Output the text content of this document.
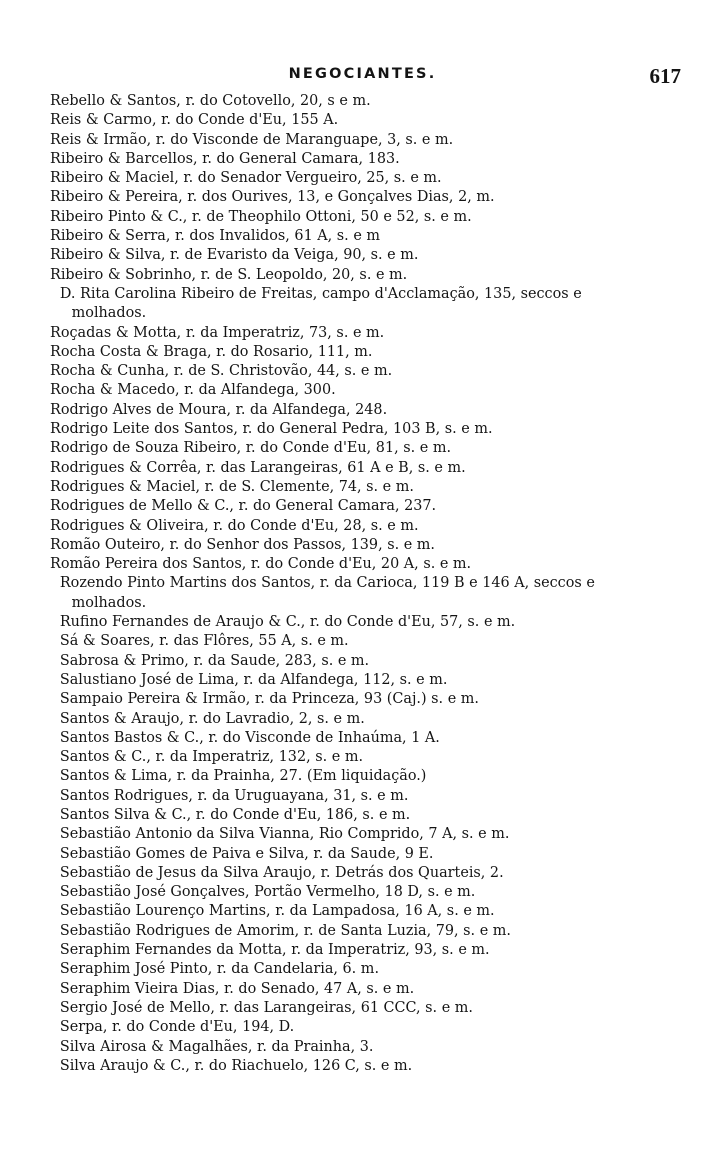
NEGOCIANTES.	617
Rebello & Santos, r. do Cotovello, 20, s e m.
Reis & Carmo, r. do Conde d'Eu, 155 A.
Reis & Irmão, r. do Visconde de Maranguape, 3, s. e m.
Ribeiro & Barcellos, r. do General Camara, 183.
Ribeiro & Maciel, r. do Senador Vergueiro, 25, s. e m.
Ribeiro & Pereira, r. dos Ourives, 13, e Gonçalves Dias, 2, m.
Ribeiro Pinto & C., r. de Theophilo Ottoni, 50 e 52, s. e m.
Ribeiro & Serra, r. dos Invalidos, 61 A, s. e m
Ribeiro & Silva, r. de Evaristo da Veiga, 90, s. e m.
Ribeiro & Sobrinho, r. de S. Leopoldo, 20, s. e m.
D. Rita Carolina Ribeiro de Freitas, campo d'Acclamação, 135, seccos e
molhados.
Roçadas & Motta, r. da Imperatriz, 73, s. e m.
Rocha Costa & Braga, r. do Rosario, 111, m.
Rocha & Cunha, r. de S. Christovão, 44, s. e m.
Rocha & Macedo, r. da Alfandega, 300.
Rodrigo Alves de Moura, r. da Alfandega, 248.
Rodrigo Leite dos Santos, r. do General Pedra, 103 B, s. e m.
Rodrigo de Souza Ribeiro, r. do Conde d'Eu, 81, s. e m.
Rodrigues & Corrêa, r. das Larangeiras, 61 A e B, s. e m.
Rodrigues & Maciel, r. de S. Clemente, 74, s. e m.
Rodrigues de Mello & C., r. do General Camara, 237.
Rodrigues & Oliveira, r. do Conde d'Eu, 28, s. e m.
Romão Outeiro, r. do Senhor dos Passos, 139, s. e m.
Romão Pereira dos Santos, r. do Conde d'Eu, 20 A, s. e m.
Rozendo Pinto Martins dos Santos, r. da Carioca, 119 B e 146 A, seccos e
molhados.
Rufino Fernandes de Araujo & C., r. do Conde d'Eu, 57, s. e m.
Sá & Soares, r. das Flôres, 55 A, s. e m.
Sabrosa & Primo, r. da Saude, 283, s. e m.
Salustiano José de Lima, r. da Alfandega, 112, s. e m.
Sampaio Pereira & Irmão, r. da Princeza, 93 (Caj.) s. e m.
Santos & Araujo, r. do Lavradio, 2, s. e m.
Santos Bastos & C., r. do Visconde de Inhaúma, 1 A.
Santos & C., r. da Imperatriz, 132, s. e m.
Santos & Lima, r. da Prainha, 27. (Em liquidação.)
Santos Rodrigues, r. da Uruguayana, 31, s. e m.
Santos Silva & C., r. do Conde d'Eu, 186, s. e m.
Sebastião Antonio da Silva Vianna, Rio Comprido, 7 A, s. e m.
Sebastião Gomes de Paiva e Silva, r. da Saude, 9 E.
Sebastião de Jesus da Silva Araujo, r. Detrás dos Quarteis, 2.
Sebastião José Gonçalves, Portão Vermelho, 18 D, s. e m.
Sebastião Lourenço Martins, r. da Lampadosa, 16 A, s. e m.
Sebastião Rodrigues de Amorim, r. de Santa Luzia, 79, s. e m.
Seraphim Fernandes da Motta, r. da Imperatriz, 93, s. e m.
Seraphim José Pinto, r. da Candelaria, 6. m.
Seraphim Vieira Dias, r. do Senado, 47 A, s. e m.
Sergio José de Mello, r. das Larangeiras, 61 CCC, s. e m.
Serpa, r. do Conde d'Eu, 194, D.
Silva Airosa & Magalhães, r. da Prainha, 3.
Silva Araujo & C., r. do Riachuelo, 126 C, s. e m.
